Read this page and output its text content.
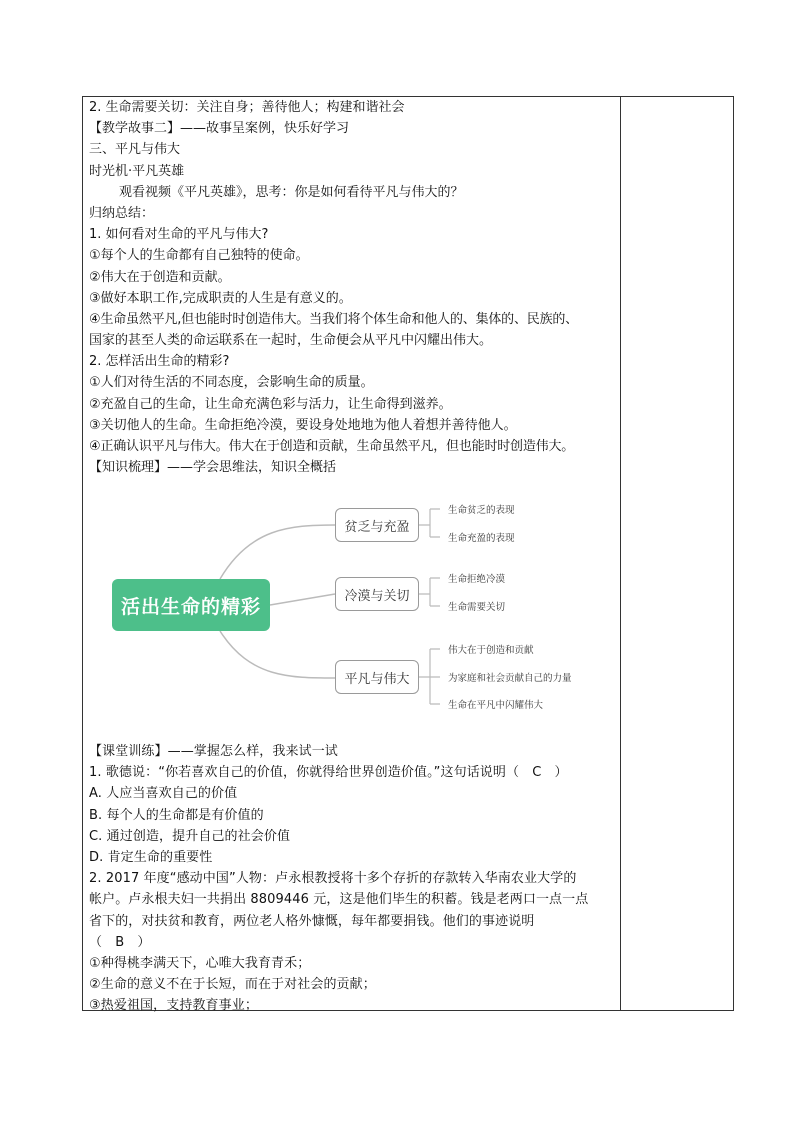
2. 生命需要关切：关注自身；善待他人；构建和谐社会
【教学故事二】——故事呈案例，快乐好学习
三、平凡与伟大
时光机·平凡英雄
观看视频《平凡英雄》，思考：你是如何看待平凡与伟大的？
归纳总结：
1. 如何看对生命的平凡与伟大?
①每个人的生命都有自己独特的使命。
②伟大在于创造和贡献。
③做好本职工作,完成职责的人生是有意义的。
④生命虽然平凡,但也能时时创造伟大。当我们将个体生命和他人的、集体的、民族的、
国家的甚至人类的命运联系在一起时，生命便会从平凡中闪耀出伟大。
2. 怎样活出生命的精彩?
①人们对待生活的不同态度，会影响生命的质量。
②充盈自己的生命，让生命充满色彩与活力，让生命得到滋养。
③关切他人的生命。生命拒绝冷漠，要设身处地地为他人着想并善待他人。
④正确认识平凡与伟大。伟大在于创造和贡献，生命虽然平凡，但也能时时创造伟大。
【知识梳理】——学会思维法，知识全概括
活出生命的精彩
贫乏与充盈
冷漠与关切
平凡与伟大
生命贫乏的表现
生命充盈的表现
生命拒绝冷漠
生命需要关切
伟大在于创造和贡献
为家庭和社会贡献自己的力量
生命在平凡中闪耀伟大
【课堂训练】——掌握怎么样，我来试一试
1. 歌德说：“你若喜欢自己的价值，你就得给世界创造价值。”这句话说明（　C　）
A. 人应当喜欢自己的价值
B. 每个人的生命都是有价值的
C. 通过创造，提升自己的社会价值
D. 肯定生命的重要性
2. 2017 年度“感动中国”人物：卢永根教授将十多个存折的存款转入华南农业大学的
帐户。卢永根夫妇一共捐出 8809446 元，这是他们毕生的积蓄。钱是老两口一点一点
省下的，对扶贫和教育，两位老人格外慷慨，每年都要捐钱。他们的事迹说明
（　B　）
①种得桃李满天下，心唯大我育青禾；
②生命的意义不在于长短，而在于对社会的贡献；
③热爱祖国，支持教育事业；
